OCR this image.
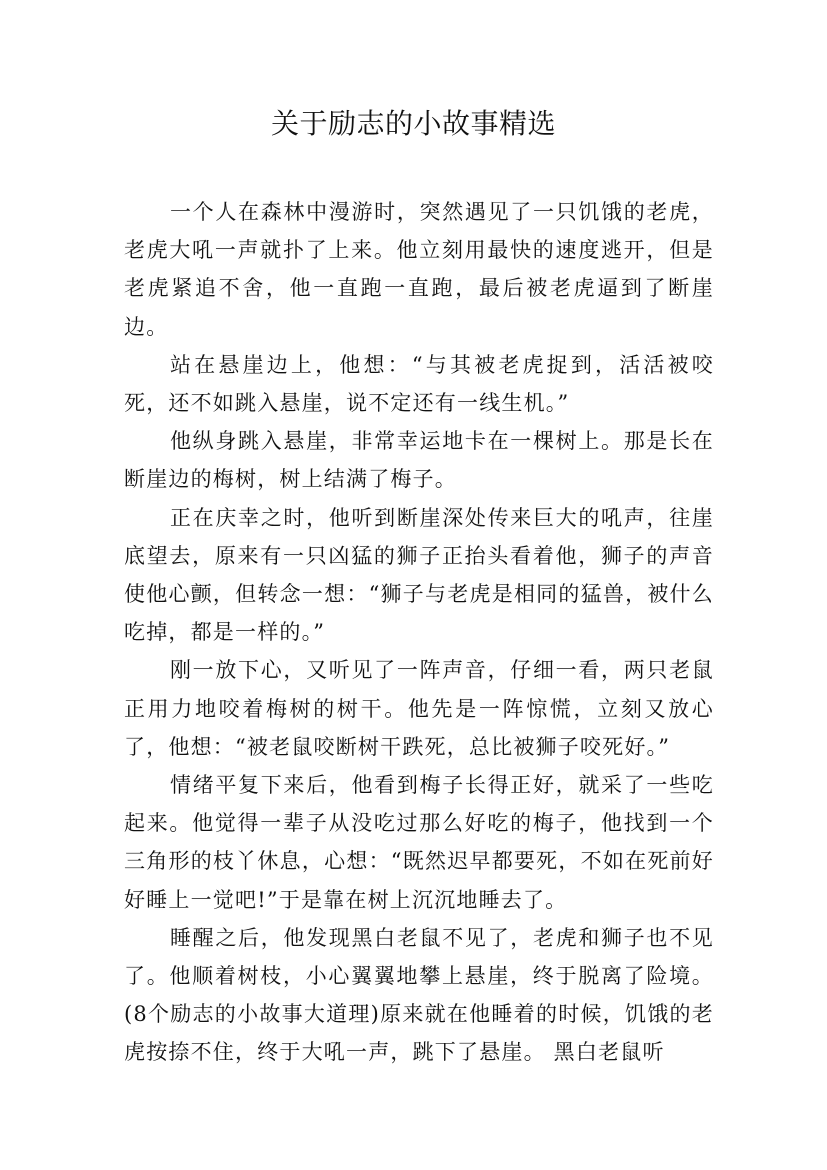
关于励志的小故事精选

一个人在森林中漫游时，突然遇见了一只饥饿的老虎，老虎大吼一声就扑了上来。他立刻用最快的速度逃开，但是老虎紧追不舍，他一直跑一直跑，最后被老虎逼到了断崖边。

站在悬崖边上，他想：“与其被老虎捉到，活活被咬死，还不如跳入悬崖，说不定还有一线生机。”

他纵身跳入悬崖，非常幸运地卡在一棵树上。那是长在断崖边的梅树，树上结满了梅子。

正在庆幸之时，他听到断崖深处传来巨大的吼声，往崖底望去，原来有一只凶猛的狮子正抬头看着他，狮子的声音使他心颤，但转念一想：“狮子与老虎是相同的猛兽，被什么吃掉，都是一样的。”

刚一放下心，又听见了一阵声音，仔细一看，两只老鼠正用力地咬着梅树的树干。他先是一阵惊慌，立刻又放心了，他想：“被老鼠咬断树干跌死，总比被狮子咬死好。”

情绪平复下来后，他看到梅子长得正好，就采了一些吃起来。他觉得一辈子从没吃过那么好吃的梅子，他找到一个三角形的枝丫休息，心想：“既然迟早都要死，不如在死前好好睡上一觉吧!”于是靠在树上沉沉地睡去了。

睡醒之后，他发现黑白老鼠不见了，老虎和狮子也不见了。他顺着树枝，小心翼翼地攀上悬崖，终于脱离了险境。(8个励志的小故事大道理)原来就在他睡着的时候，饥饿的老虎按捺不住，终于大吼一声，跳下了悬崖。 黑白老鼠听
